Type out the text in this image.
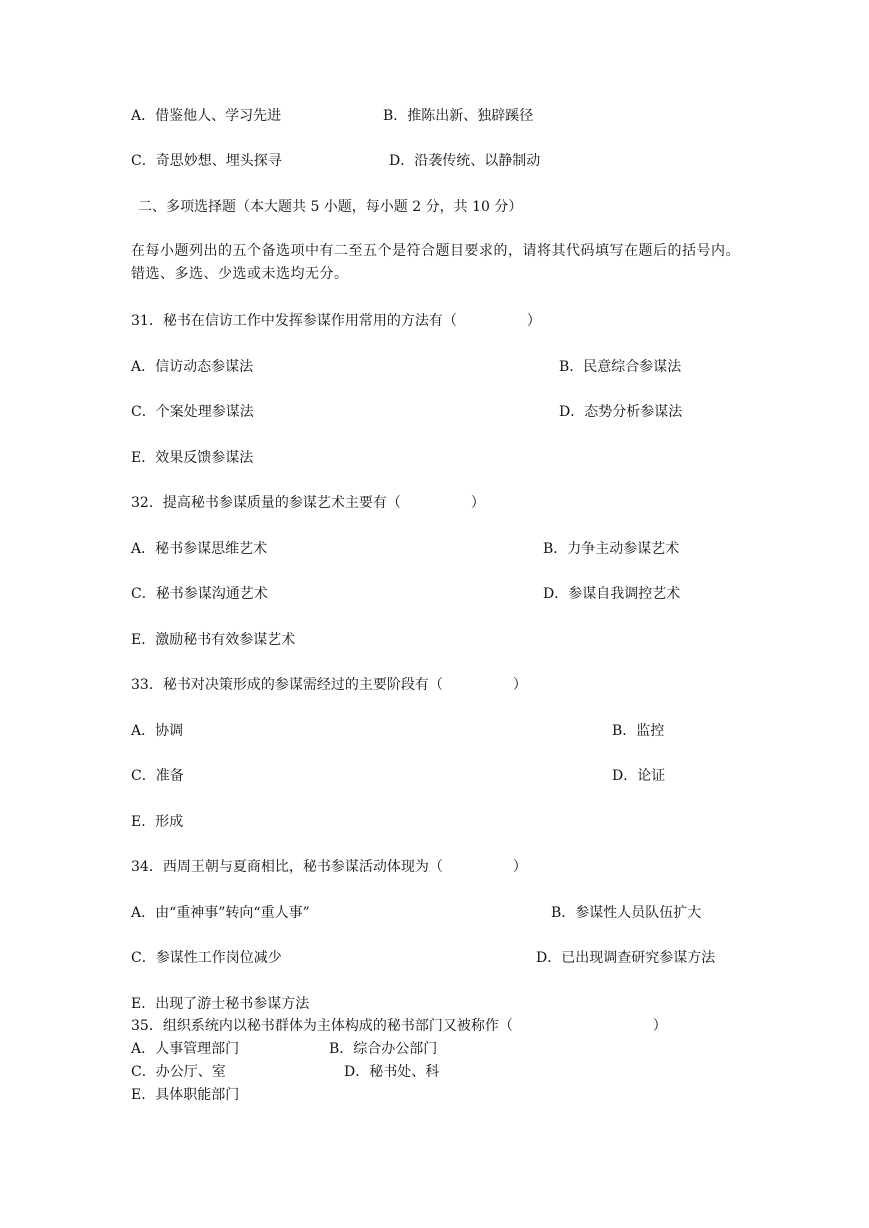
A．借鉴他人、学习先进	B．推陈出新、独辟蹊径
C．奇思妙想、埋头探寻	D．沿袭传统、以静制动
二、多项选择题（本大题共 5 小题，每小题 2 分，共 10 分）
在每小题列出的五个备选项中有二至五个是符合题目要求的，请将其代码填写在题后的括号内。错选、多选、少选或未选均无分。
31．秘书在信访工作中发挥参谋作用常用的方法有（　　　　　）
A．信访动态参谋法	B．民意综合参谋法
C．个案处理参谋法	D．态势分析参谋法
E．效果反馈参谋法
32．提高秘书参谋质量的参谋艺术主要有（　　　　　）
A．秘书参谋思维艺术	B．力争主动参谋艺术
C．秘书参谋沟通艺术	D．参谋自我调控艺术
E．激励秘书有效参谋艺术
33．秘书对决策形成的参谋需经过的主要阶段有（　　　　　）
A．协调	B．监控
C．准备	D．论证
E．形成
34．西周王朝与夏商相比，秘书参谋活动体现为（　　　　　）
A．由“重神事”转向“重人事”	B．参谋性人员队伍扩大
C．参谋性工作岗位减少	D．已出现调查研究参谋方法
E．出现了游士秘书参谋方法
35．组织系统内以秘书群体为主体构成的秘书部门又被称作（　　　　　　　　　　）
A．人事管理部门	B．综合办公部门
C．办公厅、室	D．秘书处、科
E．具体职能部门
